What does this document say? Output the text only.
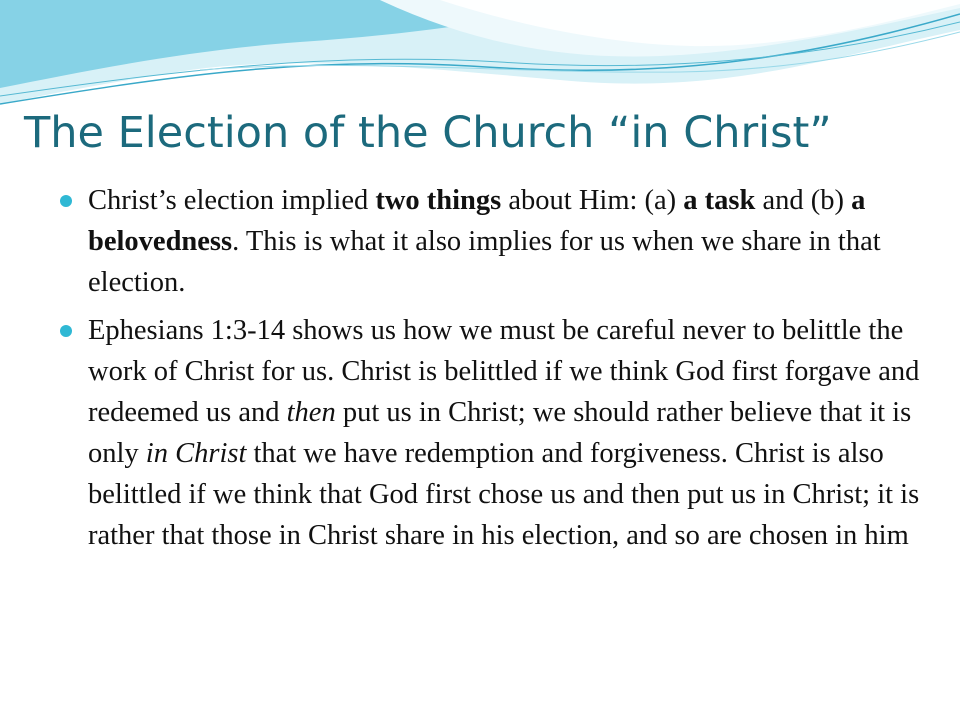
The Election of the Church “in Christ”
Christ’s election implied two things about Him: (a) a task and (b) a belovedness. This is what it also implies for us when we share in that election.
Ephesians 1:3-14 shows us how we must be careful never to belittle the work of Christ for us. Christ is belittled if we think God first forgave and redeemed us and then put us in Christ; we should rather believe that it is only in Christ that we have redemption and forgiveness. Christ is also belittled if we think that God first chose us and then put us in Christ; it is rather that those in Christ share in his election, and so are chosen in him
